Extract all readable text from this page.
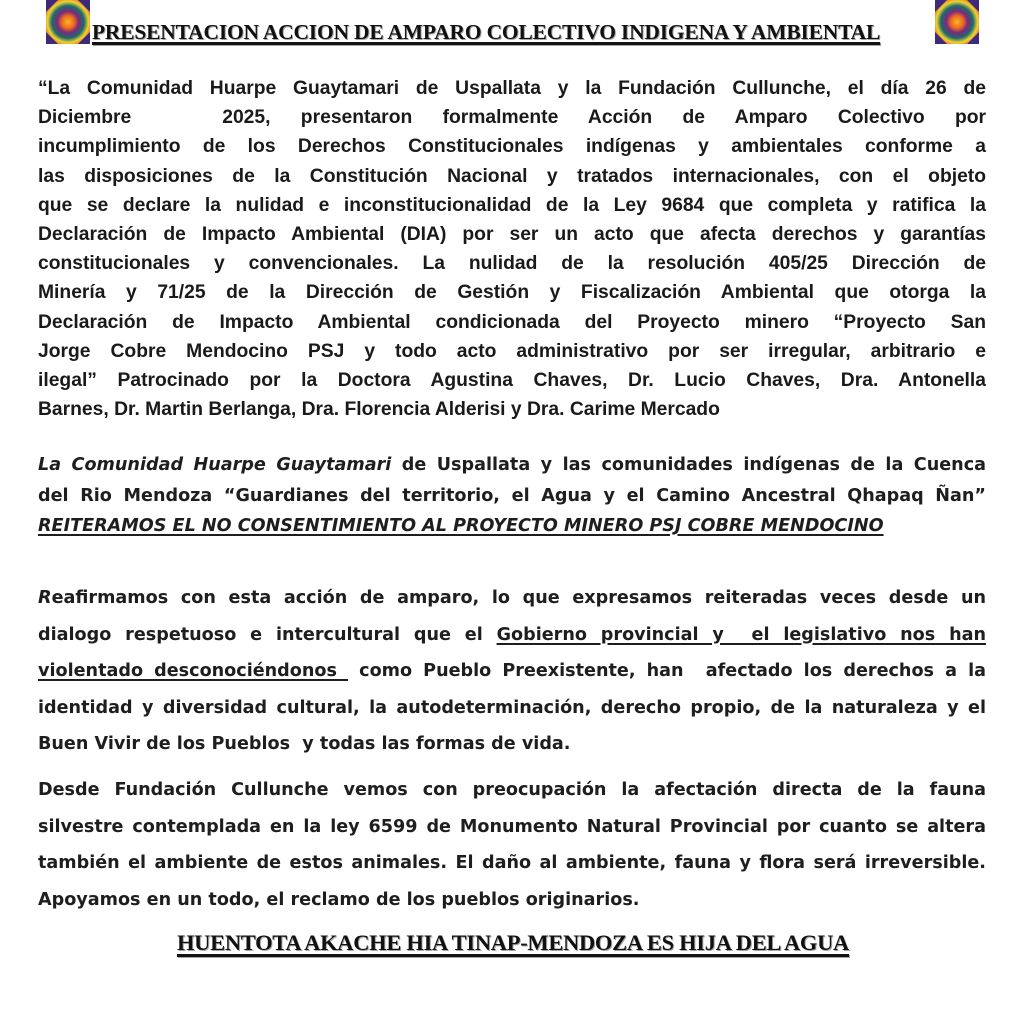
PRESENTACION ACCION DE AMPARO COLECTIVO INDIGENA Y AMBIENTAL
“La Comunidad Huarpe Guaytamari de Uspallata y la Fundación Cullunche, el día 26 de
Diciembre   2025, presentaron formalmente Acción de Amparo Colectivo por
incumplimiento de los Derechos Constitucionales indígenas y ambientales conforme a
las disposiciones de la Constitución Nacional y tratados internacionales, con el objeto
que se declare la nulidad e inconstitucionalidad de la Ley 9684 que completa y ratifica la
Declaración de Impacto Ambiental (DIA) por ser un acto que afecta derechos y garantías
constitucionales y convencionales. La nulidad de la resolución 405/25 Dirección de
Minería y 71/25 de la Dirección de Gestión y Fiscalización Ambiental que otorga la
Declaración de Impacto Ambiental condicionada del Proyecto minero “Proyecto San
Jorge Cobre Mendocino PSJ y todo acto administrativo por ser irregular, arbitrario e
ilegal” Patrocinado por la Doctora Agustina Chaves, Dr. Lucio Chaves, Dra. Antonella
Barnes, Dr. Martin Berlanga, Dra. Florencia Alderisi y Dra. Carime Mercado
La Comunidad Huarpe Guaytamari de Uspallata y las comunidades indígenas de la Cuenca
del Rio Mendoza “Guardianes del territorio, el Agua y el Camino Ancestral Qhapaq Ñan”
REITERAMOS EL NO CONSENTIMIENTO AL PROYECTO MINERO PSJ COBRE MENDOCINO
Reafirmamos con esta acción de amparo, lo que expresamos reiteradas veces desde un
dialogo respetuoso e intercultural que el Gobierno provincial y  el legislativo nos han
violentado desconociéndonos  como Pueblo Preexistente, han  afectado los derechos a la
identidad y diversidad cultural, la autodeterminación, derecho propio, de la naturaleza y el
Buen Vivir de los Pueblos  y todas las formas de vida.
Desde Fundación Cullunche vemos con preocupación la afectación directa de la fauna
silvestre contemplada en la ley 6599 de Monumento Natural Provincial por cuanto se altera
también el ambiente de estos animales. El daño al ambiente, fauna y flora será irreversible.
Apoyamos en un todo, el reclamo de los pueblos originarios.
HUENTOTA AKACHE HIA TINAP-MENDOZA ES HIJA DEL AGUA
